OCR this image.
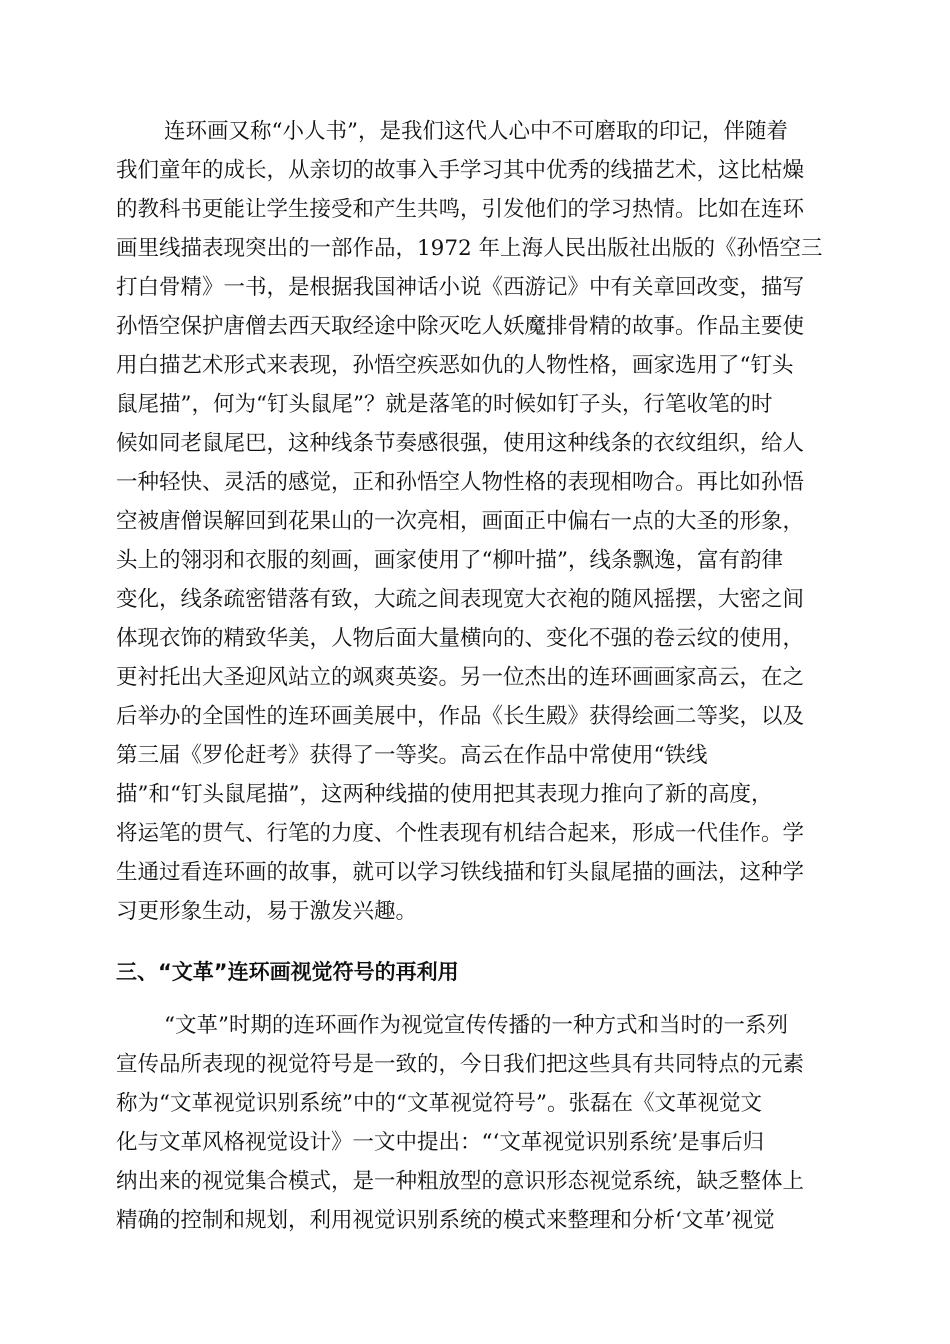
连环画又称“小人书”，是我们这代人心中不可磨取的印记，伴随着
我们童年的成长，从亲切的故事入手学习其中优秀的线描艺术，这比枯燥
的教科书更能让学生接受和产生共鸣，引发他们的学习热情。比如在连环
画里线描表现突出的一部作品，1972 年上海人民出版社出版的《孙悟空三
打白骨精》一书，是根据我国神话小说《西游记》中有关章回改变，描写
孙悟空保护唐僧去西天取经途中除灭吃人妖魔排骨精的故事。作品主要使
用白描艺术形式来表现，孙悟空疾恶如仇的人物性格，画家选用了“钉头
鼠尾描”，何为“钉头鼠尾”？就是落笔的时候如钉子头，行笔收笔的时
候如同老鼠尾巴，这种线条节奏感很强，使用这种线条的衣纹组织，给人
一种轻快、灵活的感觉，正和孙悟空人物性格的表现相吻合。再比如孙悟
空被唐僧误解回到花果山的一次亮相，画面正中偏右一点的大圣的形象，
头上的翎羽和衣服的刻画，画家使用了“柳叶描”，线条飘逸，富有韵律
变化，线条疏密错落有致，大疏之间表现宽大衣袍的随风摇摆，大密之间
体现衣饰的精致华美，人物后面大量横向的、变化不强的卷云纹的使用，
更衬托出大圣迎风站立的飒爽英姿。另一位杰出的连环画画家高云，在之
后举办的全国性的连环画美展中，作品《长生殿》获得绘画二等奖，以及
第三届《罗伦赶考》获得了一等奖。高云在作品中常使用“铁线
描”和“钉头鼠尾描”，这两种线描的使用把其表现力推向了新的高度，
将运笔的贯气、行笔的力度、个性表现有机结合起来，形成一代佳作。学
生通过看连环画的故事，就可以学习铁线描和钉头鼠尾描的画法，这种学
习更形象生动，易于激发兴趣。
三、“文革”连环画视觉符号的再利用
“文革”时期的连环画作为视觉宣传传播的一种方式和当时的一系列
宣传品所表现的视觉符号是一致的，今日我们把这些具有共同特点的元素
称为“文革视觉识别系统”中的“文革视觉符号”。张磊在《文革视觉文
化与文革风格视觉设计》一文中提出：“‘文革视觉识别系统’是事后归
纳出来的视觉集合模式，是一种粗放型的意识形态视觉系统，缺乏整体上
精确的控制和规划，利用视觉识别系统的模式来整理和分析‘文革’视觉
